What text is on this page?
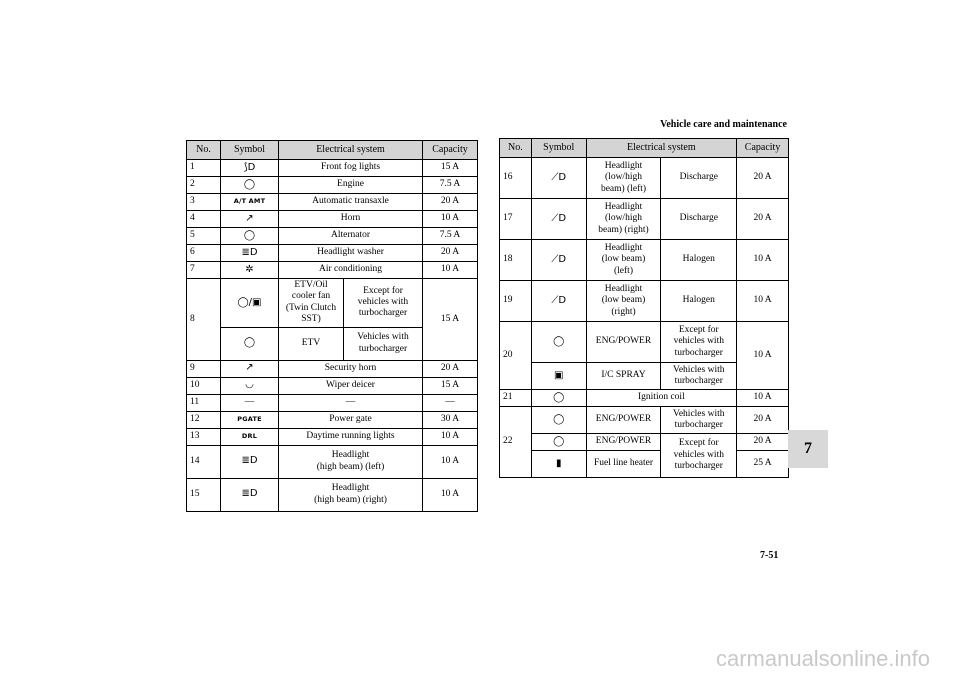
Vehicle care and maintenance
No.	Symbol	Electrical system		Capacity
1	⟆D	Front fog lights		15 A
2	◯	Engine		7.5 A
3	A/T AMT	Automatic transaxle		20 A
4	↗	Horn		10 A
5	◯	Alternator		7.5 A
6	≣D	Headlight washer		20 A
7	✲	Air conditioning		10 A
8	◯/▣	ETV/Oil cooler fan (Twin Clutch SST)	Except for vehicles with turbocharger	15 A
	◯	ETV	Vehicles with turbocharger	
9	↗	Security horn		20 A
10	◡	Wiper deicer		15 A
11	—	—		—
12	PGATE	Power gate		30 A
13	DRL	Daytime running lights		10 A
14	≣D	Headlight
(high beam) (left)		10 A
15	≣D	Headlight
(high beam) (right)		10 A
No.	Symbol	Electrical system		Capacity
16	⟋D	Headlight
(low/high
beam) (left)	Discharge	20 A
17	⟋D	Headlight
(low/high
beam) (right)	Discharge	20 A
18	⟋D	Headlight
(low beam)
(left)	Halogen	10 A
19	⟋D	Headlight
(low beam)
(right)	Halogen	10 A
20	◯	ENG/POWER	Except for vehicles with turbocharger	10 A
	▣	I/C SPRAY	Vehicles with turbocharger	
21	◯	Ignition coil		10 A
22	◯	ENG/POWER	Vehicles with turbocharger	20 A
	◯	ENG/POWER	Except for vehicles with turbocharger	20 A
	▮	Fuel line heater		25 A
7
7-51
carmanualsonline.info
